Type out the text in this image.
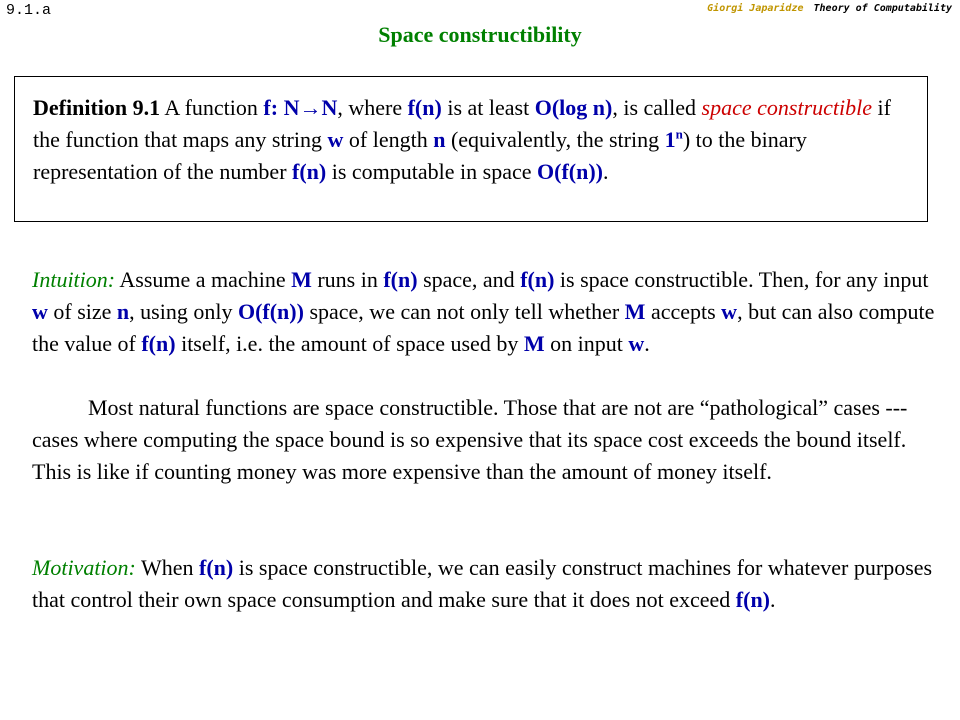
9.1.a	Giorgi Japaridze Theory of Computability
Space constructibility

Definition 9.1 A function f: N→N, where f(n) is at least O(log n), is called space constructible if the function that maps any string w of length n (equivalently, the string 1$^n$) to the binary representation of the number f(n) is computable in space O(f(n)).

Intuition: Assume a machine M runs in f(n) space, and f(n) is space constructible. Then, for any input w of size n, using only O(f(n)) space, we can not only tell whether M accepts w, but can also compute the value of f(n) itself, i.e. the amount of space used by M on input w.

Most natural functions are space constructible. Those that are not are “pathological” cases --- cases where computing the space bound is so expensive that its space cost exceeds the bound itself. This is like if counting money was more expensive than the amount of money itself.

Motivation: When f(n) is space constructible, we can easily construct machines for whatever purposes that control their own space consumption and make sure that it does not exceed f(n).
